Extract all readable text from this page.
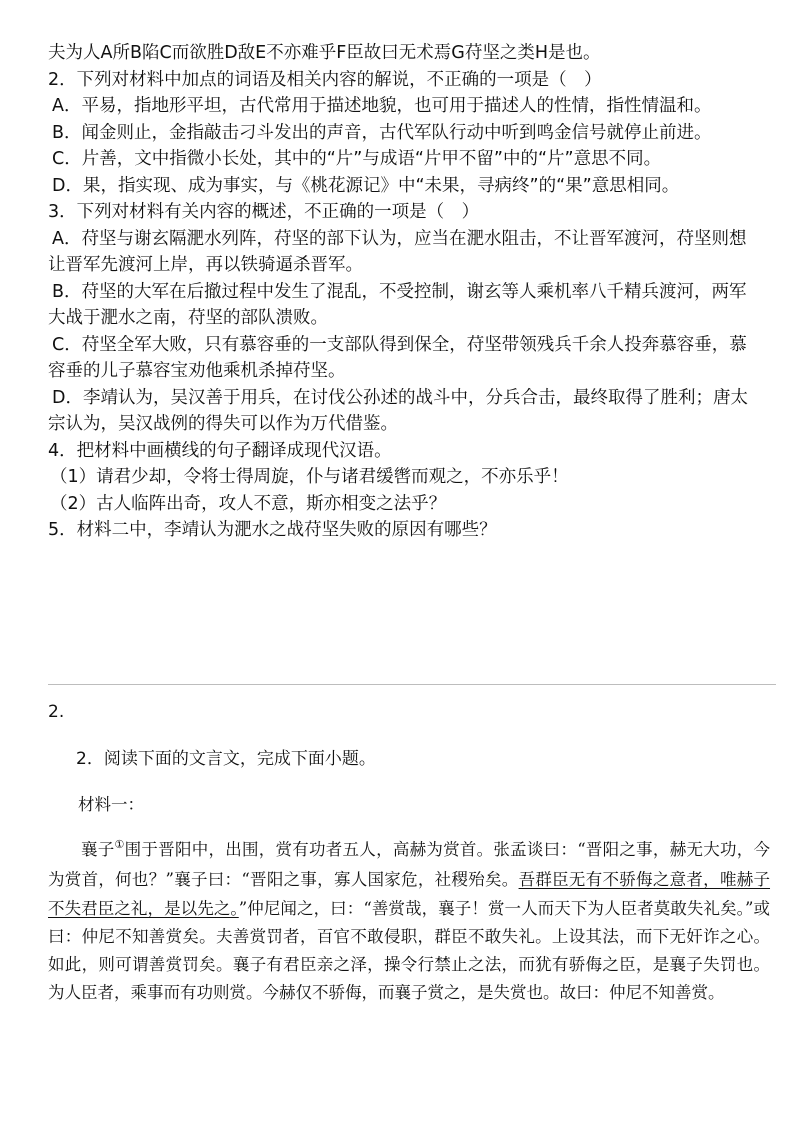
夫为人A所B陷C而欲胜D敌E不亦难乎F臣故曰无术焉G苻坚之类H是也。

2．下列对材料中加点的词语及相关内容的解说，不正确的一项是（　）

A．平易，指地形平坦，古代常用于描述地貌，也可用于描述人的性情，指性情温和。

B．闻金则止，金指敲击刁斗发出的声音，古代军队行动中听到鸣金信号就停止前进。

C．片善，文中指微小长处，其中的“片”与成语“片甲不留”中的“片”意思不同。

D．果，指实现、成为事实，与《桃花源记》中“未果，寻病终”的“果”意思相同。

3．下列对材料有关内容的概述，不正确的一项是（　）

A．苻坚与谢玄隔淝水列阵，苻坚的部下认为，应当在淝水阻击，不让晋军渡河，苻坚则想让晋军先渡河上岸，再以铁骑逼杀晋军。

B．苻坚的大军在后撤过程中发生了混乱，不受控制，谢玄等人乘机率八千精兵渡河，两军大战于淝水之南，苻坚的部队溃败。

C．苻坚全军大败，只有慕容垂的一支部队得到保全，苻坚带领残兵千余人投奔慕容垂，慕容垂的儿子慕容宝劝他乘机杀掉苻坚。

D．李靖认为，吴汉善于用兵，在讨伐公孙述的战斗中，分兵合击，最终取得了胜利；唐太宗认为，吴汉战例的得失可以作为万代借鉴。

4．把材料中画横线的句子翻译成现代汉语。

（1）请君少却，令将士得周旋，仆与诸君缓辔而观之，不亦乐乎！

（2）古人临阵出奇，攻人不意，斯亦相变之法乎？

5．材料二中，李靖认为淝水之战苻坚失败的原因有哪些？

2.

2．阅读下面的文言文，完成下面小题。

材料一：

襄子①围于晋阳中，出围，赏有功者五人，高赫为赏首。张孟谈曰：“晋阳之事，赫无大功，今为赏首，何也？”襄子曰：“晋阳之事，寡人国家危，社稷殆矣。吾群臣无有不骄侮之意者，唯赫子不失君臣之礼，是以先之。”仲尼闻之，曰：“善赏哉，襄子！赏一人而天下为人臣者莫敢失礼矣。”或曰：仲尼不知善赏矣。夫善赏罚者，百官不敢侵职，群臣不敢失礼。上设其法，而下无奸诈之心。如此，则可谓善赏罚矣。襄子有君臣亲之泽，操令行禁止之法，而犹有骄侮之臣，是襄子失罚也。为人臣者，乘事而有功则赏。今赫仅不骄侮，而襄子赏之，是失赏也。故曰：仲尼不知善赏。
